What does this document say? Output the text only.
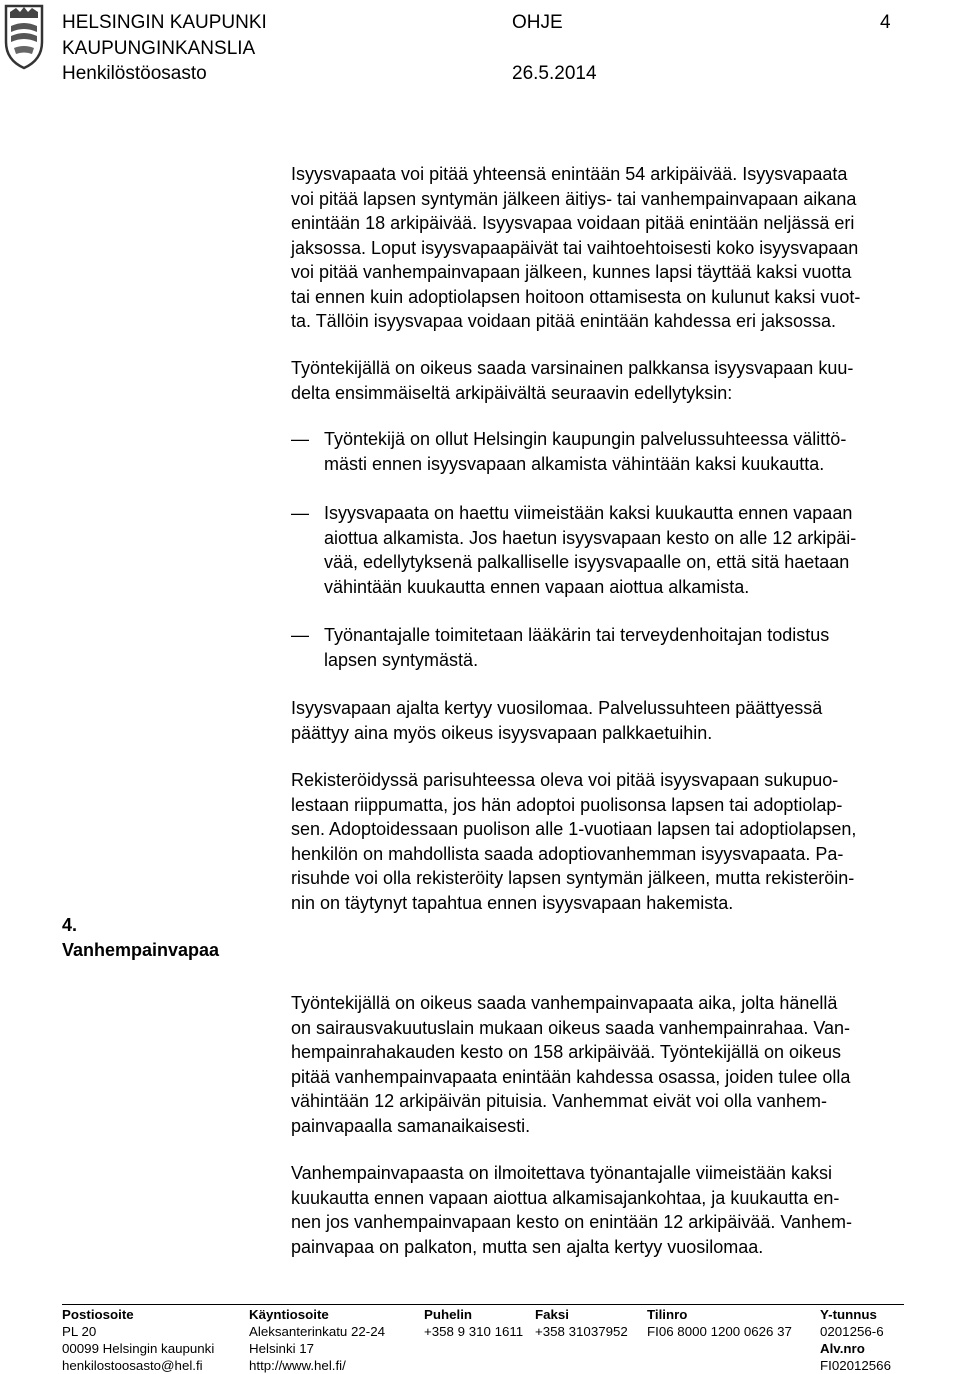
HELSINGIN KAUPUNKI
KAUPUNGINKANSLIA
Henkilöstöosasto
OHJE	4
26.5.2014
Isyysvapaata voi pitää yhteensä enintään 54 arkipäivää. Isyysvapaata
voi pitää lapsen syntymän jälkeen äitiys- tai vanhempainvapaan aikana
enintään 18 arkipäivää. Isyysvapaa voidaan pitää enintään neljässä eri
jaksossa. Loput isyysvapaapäivät tai vaihtoehtoisesti koko isyysvapaan
voi pitää vanhempainvapaan jälkeen, kunnes lapsi täyttää kaksi vuotta
tai ennen kuin adoptiolapsen hoitoon ottamisesta on kulunut kaksi vuot-
ta. Tällöin isyysvapaa voidaan pitää enintään kahdessa eri jaksossa.
Työntekijällä on oikeus saada varsinainen palkkansa isyysvapaan kuu-
delta ensimmäiseltä arkipäivältä seuraavin edellytyksin:
— Työntekijä on ollut Helsingin kaupungin palvelussuhteessa välittö-
mästi ennen isyysvapaan alkamista vähintään kaksi kuukautta.
— Isyysvapaata on haettu viimeistään kaksi kuukautta ennen vapaan
aiottua alkamista. Jos haetun isyysvapaan kesto on alle 12 arkipäi-
vää, edellytyksenä palkalliselle isyysvapaalle on, että sitä haetaan
vähintään kuukautta ennen vapaan aiottua alkamista.
— Työnantajalle toimitetaan lääkärin tai terveydenhoitajan todistus
lapsen syntymästä.
Isyysvapaan ajalta kertyy vuosilomaa. Palvelussuhteen päättyessä
päättyy aina myös oikeus isyysvapaan palkkaetuihin.
Rekisteröidyssä parisuhteessa oleva voi pitää isyysvapaan sukupuo-
lestaan riippumatta, jos hän adoptoi puolisonsa lapsen tai adoptiolap-
sen. Adoptoidessaan puolison alle 1-vuotiaan lapsen tai adoptiolapsen,
henkilön on mahdollista saada adoptiovanhemman isyysvapaata. Pa-
risuhde voi olla rekisteröity lapsen syntymän jälkeen, mutta rekisteröin-
nin on täytynyt tapahtua ennen isyysvapaan hakemista.
4.
Vanhempainvapaa
Työntekijällä on oikeus saada vanhempainvapaata aika, jolta hänellä
on sairausvakuutuslain mukaan oikeus saada vanhempainrahaa. Van-
hempainrahakauden kesto on 158 arkipäivää. Työntekijällä on oikeus
pitää vanhempainvapaata enintään kahdessa osassa, joiden tulee olla
vähintään 12 arkipäivän pituisia. Vanhemmat eivät voi olla vanhem-
painvapaalla samanaikaisesti.
Vanhempainvapaasta on ilmoitettava työnantajalle viimeistään kaksi
kuukautta ennen vapaan aiottua alkamisajankohtaa, ja kuukautta en-
nen jos vanhempainvapaan kesto on enintään 12 arkipäivää. Vanhem-
painvapaa on palkaton, mutta sen ajalta kertyy vuosilomaa.
Postiosoite
PL 20
00099 Helsingin kaupunki
henkilostoosasto@hel.fi
Käyntiosoite
Aleksanterinkatu 22-24
Helsinki 17
http://www.hel.fi/
Puhelin
+358 9 310 1611
Faksi
+358 31037952
Tilinro
FI06 8000 1200 0626 37
Y-tunnus
0201256-6
Alv.nro
FI02012566
